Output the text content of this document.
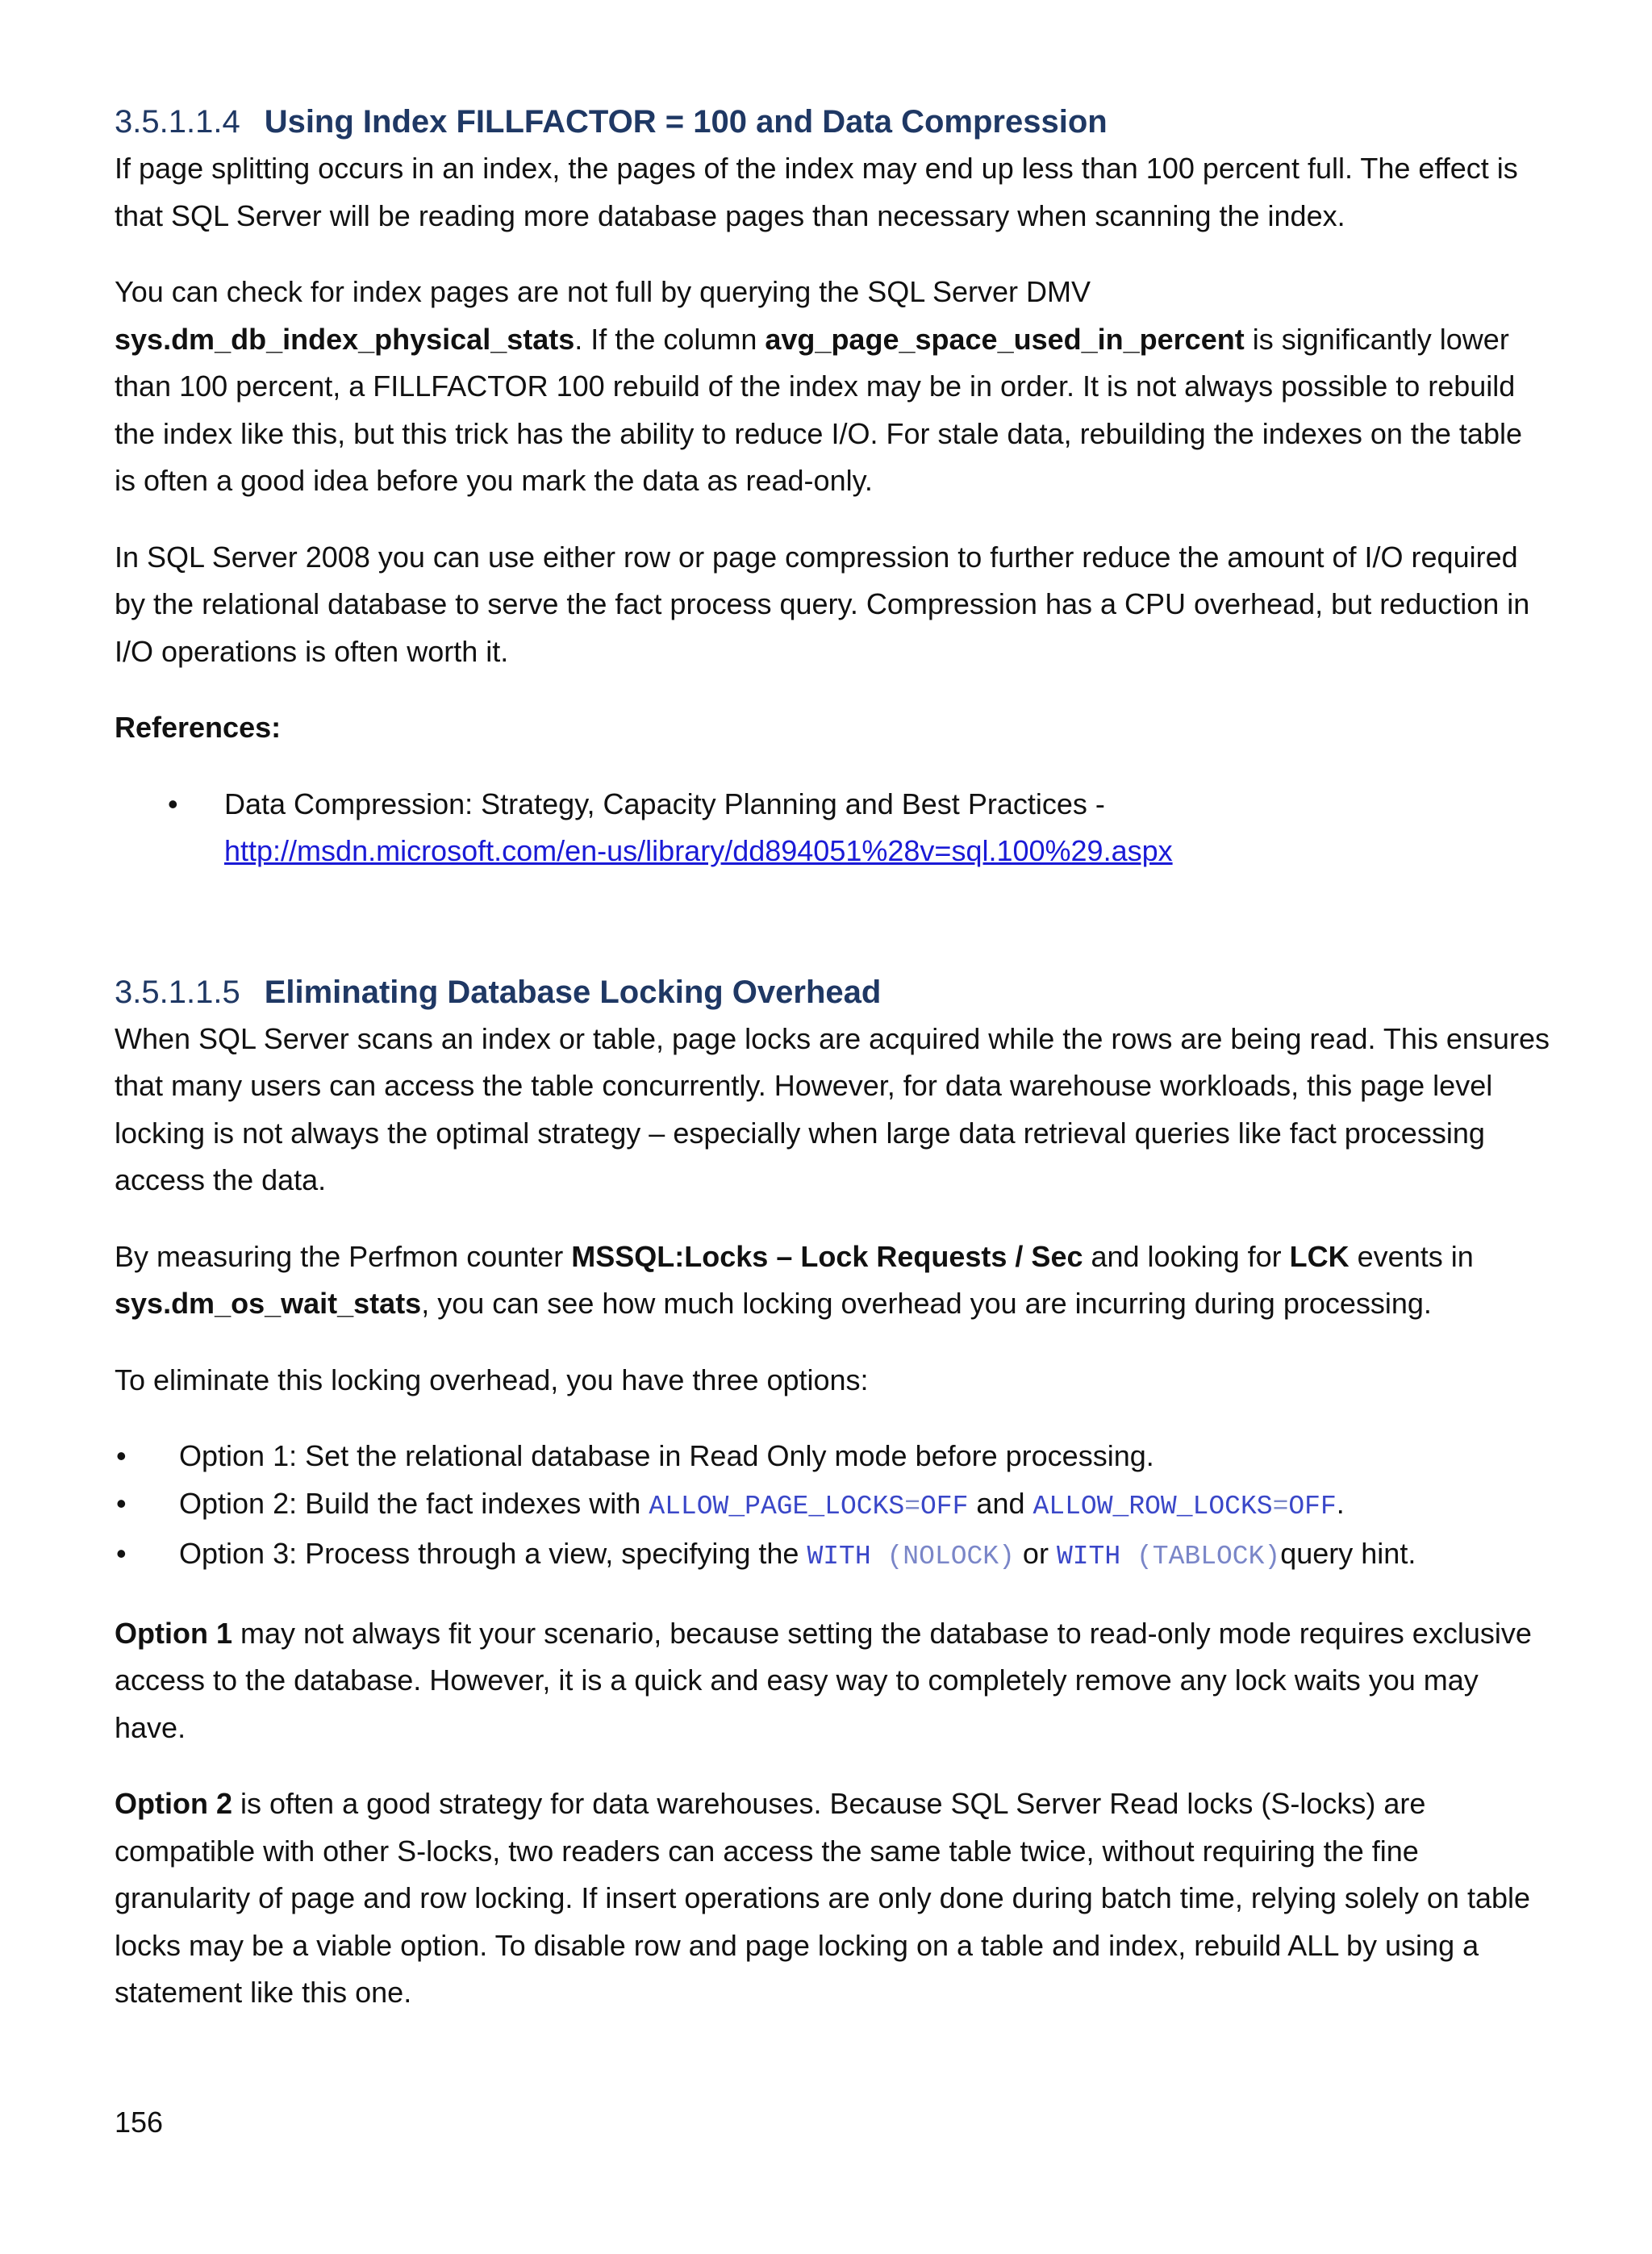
3.5.1.1.4 Using Index FILLFACTOR = 100 and Data Compression

If page splitting occurs in an index, the pages of the index may end up less than 100 percent full. The effect is that SQL Server will be reading more database pages than necessary when scanning the index.

You can check for index pages are not full by querying the SQL Server DMV
sys.dm_db_index_physical_stats. If the column avg_page_space_used_in_percent is significantly lower than 100 percent, a FILLFACTOR 100 rebuild of the index may be in order. It is not always possible to rebuild the index like this, but this trick has the ability to reduce I/O. For stale data, rebuilding the indexes on the table is often a good idea before you mark the data as read-only.

In SQL Server 2008 you can use either row or page compression to further reduce the amount of I/O required by the relational database to serve the fact process query. Compression has a CPU overhead, but reduction in I/O operations is often worth it.

References:
• Data Compression: Strategy, Capacity Planning and Best Practices -
http://msdn.microsoft.com/en-us/library/dd894051%28v=sql.100%29.aspx
3.5.1.1.5 Eliminating Database Locking Overhead

When SQL Server scans an index or table, page locks are acquired while the rows are being read. This ensures that many users can access the table concurrently. However, for data warehouse workloads, this page level locking is not always the optimal strategy – especially when large data retrieval queries like fact processing access the data.

By measuring the Perfmon counter MSSQL:Locks – Lock Requests / Sec and looking for LCK events in
sys.dm_os_wait_stats, you can see how much locking overhead you are incurring during processing.

To eliminate this locking overhead, you have three options:

• Option 1: Set the relational database in Read Only mode before processing.
• Option 2: Build the fact indexes with ALLOW_PAGE_LOCKS=OFF and ALLOW_ROW_LOCKS=OFF.
• Option 3: Process through a view, specifying the WITH (NOLOCK) or WITH (TABLOCK)query hint.

Option 1 may not always fit your scenario, because setting the database to read-only mode requires exclusive access to the database. However, it is a quick and easy way to completely remove any lock waits you may have.

Option 2 is often a good strategy for data warehouses. Because SQL Server Read locks (S-locks) are compatible with other S-locks, two readers can access the same table twice, without requiring the fine granularity of page and row locking. If insert operations are only done during batch time, relying solely on table locks may be a viable option. To disable row and page locking on a table and index, rebuild ALL by using a statement like this one.

156
